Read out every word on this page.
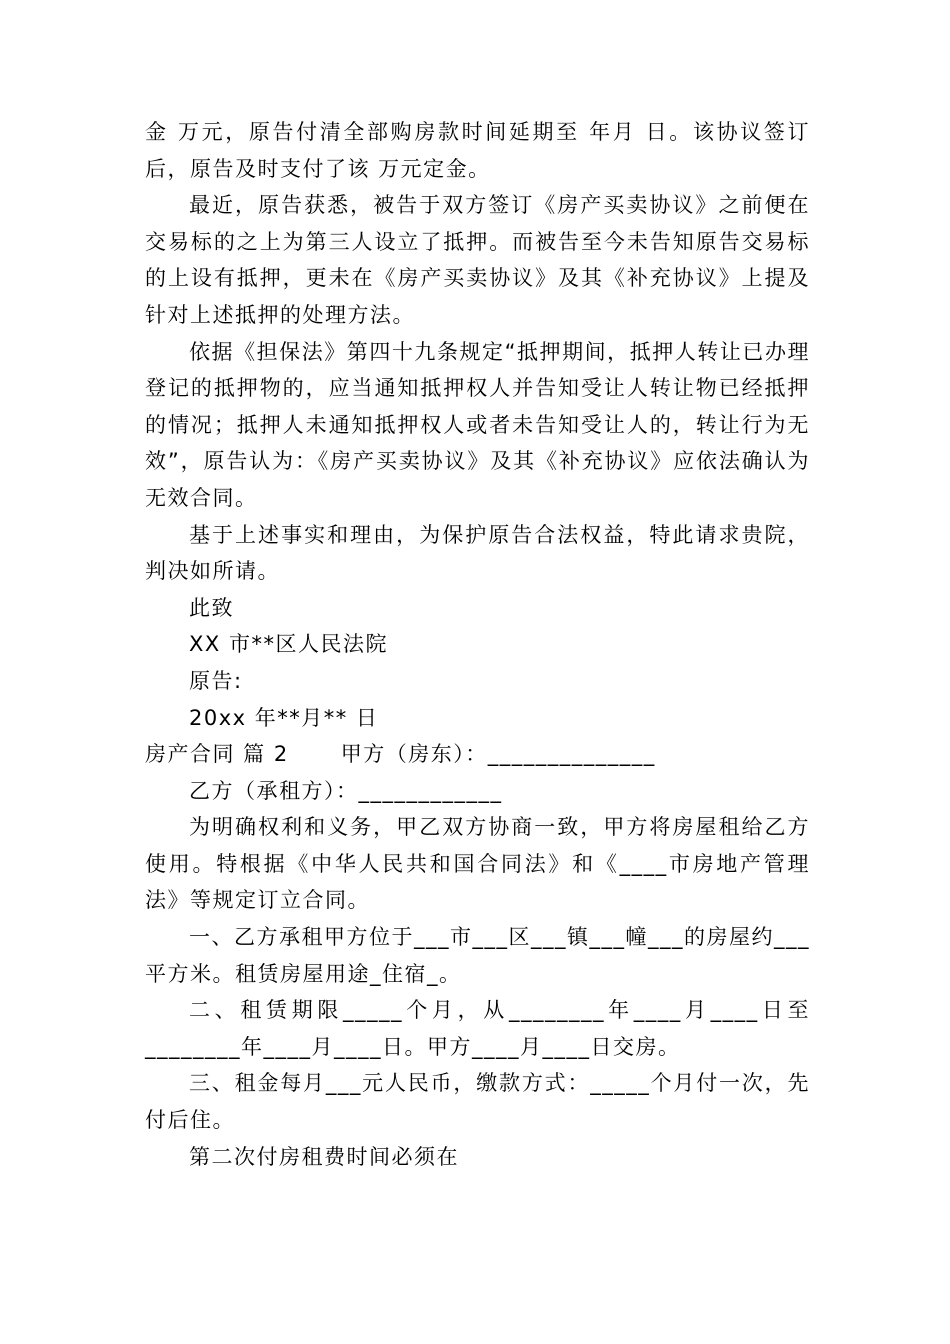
金 万元，原告付清全部购房款时间延期至 年月 日。该协议签订后，原告及时支付了该 万元定金。

最近，原告获悉，被告于双方签订《房产买卖协议》之前便在交易标的之上为第三人设立了抵押。而被告至今未告知原告交易标的上设有抵押，更未在《房产买卖协议》及其《补充协议》上提及针对上述抵押的处理方法。

依据《担保法》第四十九条规定“抵押期间，抵押人转让已办理登记的抵押物的，应当通知抵押权人并告知受让人转让物已经抵押的情况；抵押人未通知抵押权人或者未告知受让人的，转让行为无效”，原告认为：《房产买卖协议》及其《补充协议》应依法确认为无效合同。

基于上述事实和理由，为保护原告合法权益，特此请求贵院，判决如所请。

此致

XX 市**区人民法院

原告:

20xx 年**月** 日

房产合同 篇 2 甲方（房东）：______________

乙方（承租方）：____________

为明确权利和义务，甲乙双方协商一致，甲方将房屋租给乙方使用。特根据《中华人民共和国合同法》和《____市房地产管理法》等规定订立合同。

一、乙方承租甲方位于___市___区___镇___幢___的房屋约___平方米。租赁房屋用途_住宿_。

二、租赁期限_____个月，从________年____月____日至________年____月____日。甲方____月____日交房。

三、租金每月___元人民币，缴款方式：_____个月付一次，先付后住。

第二次付房租费时间必须在
